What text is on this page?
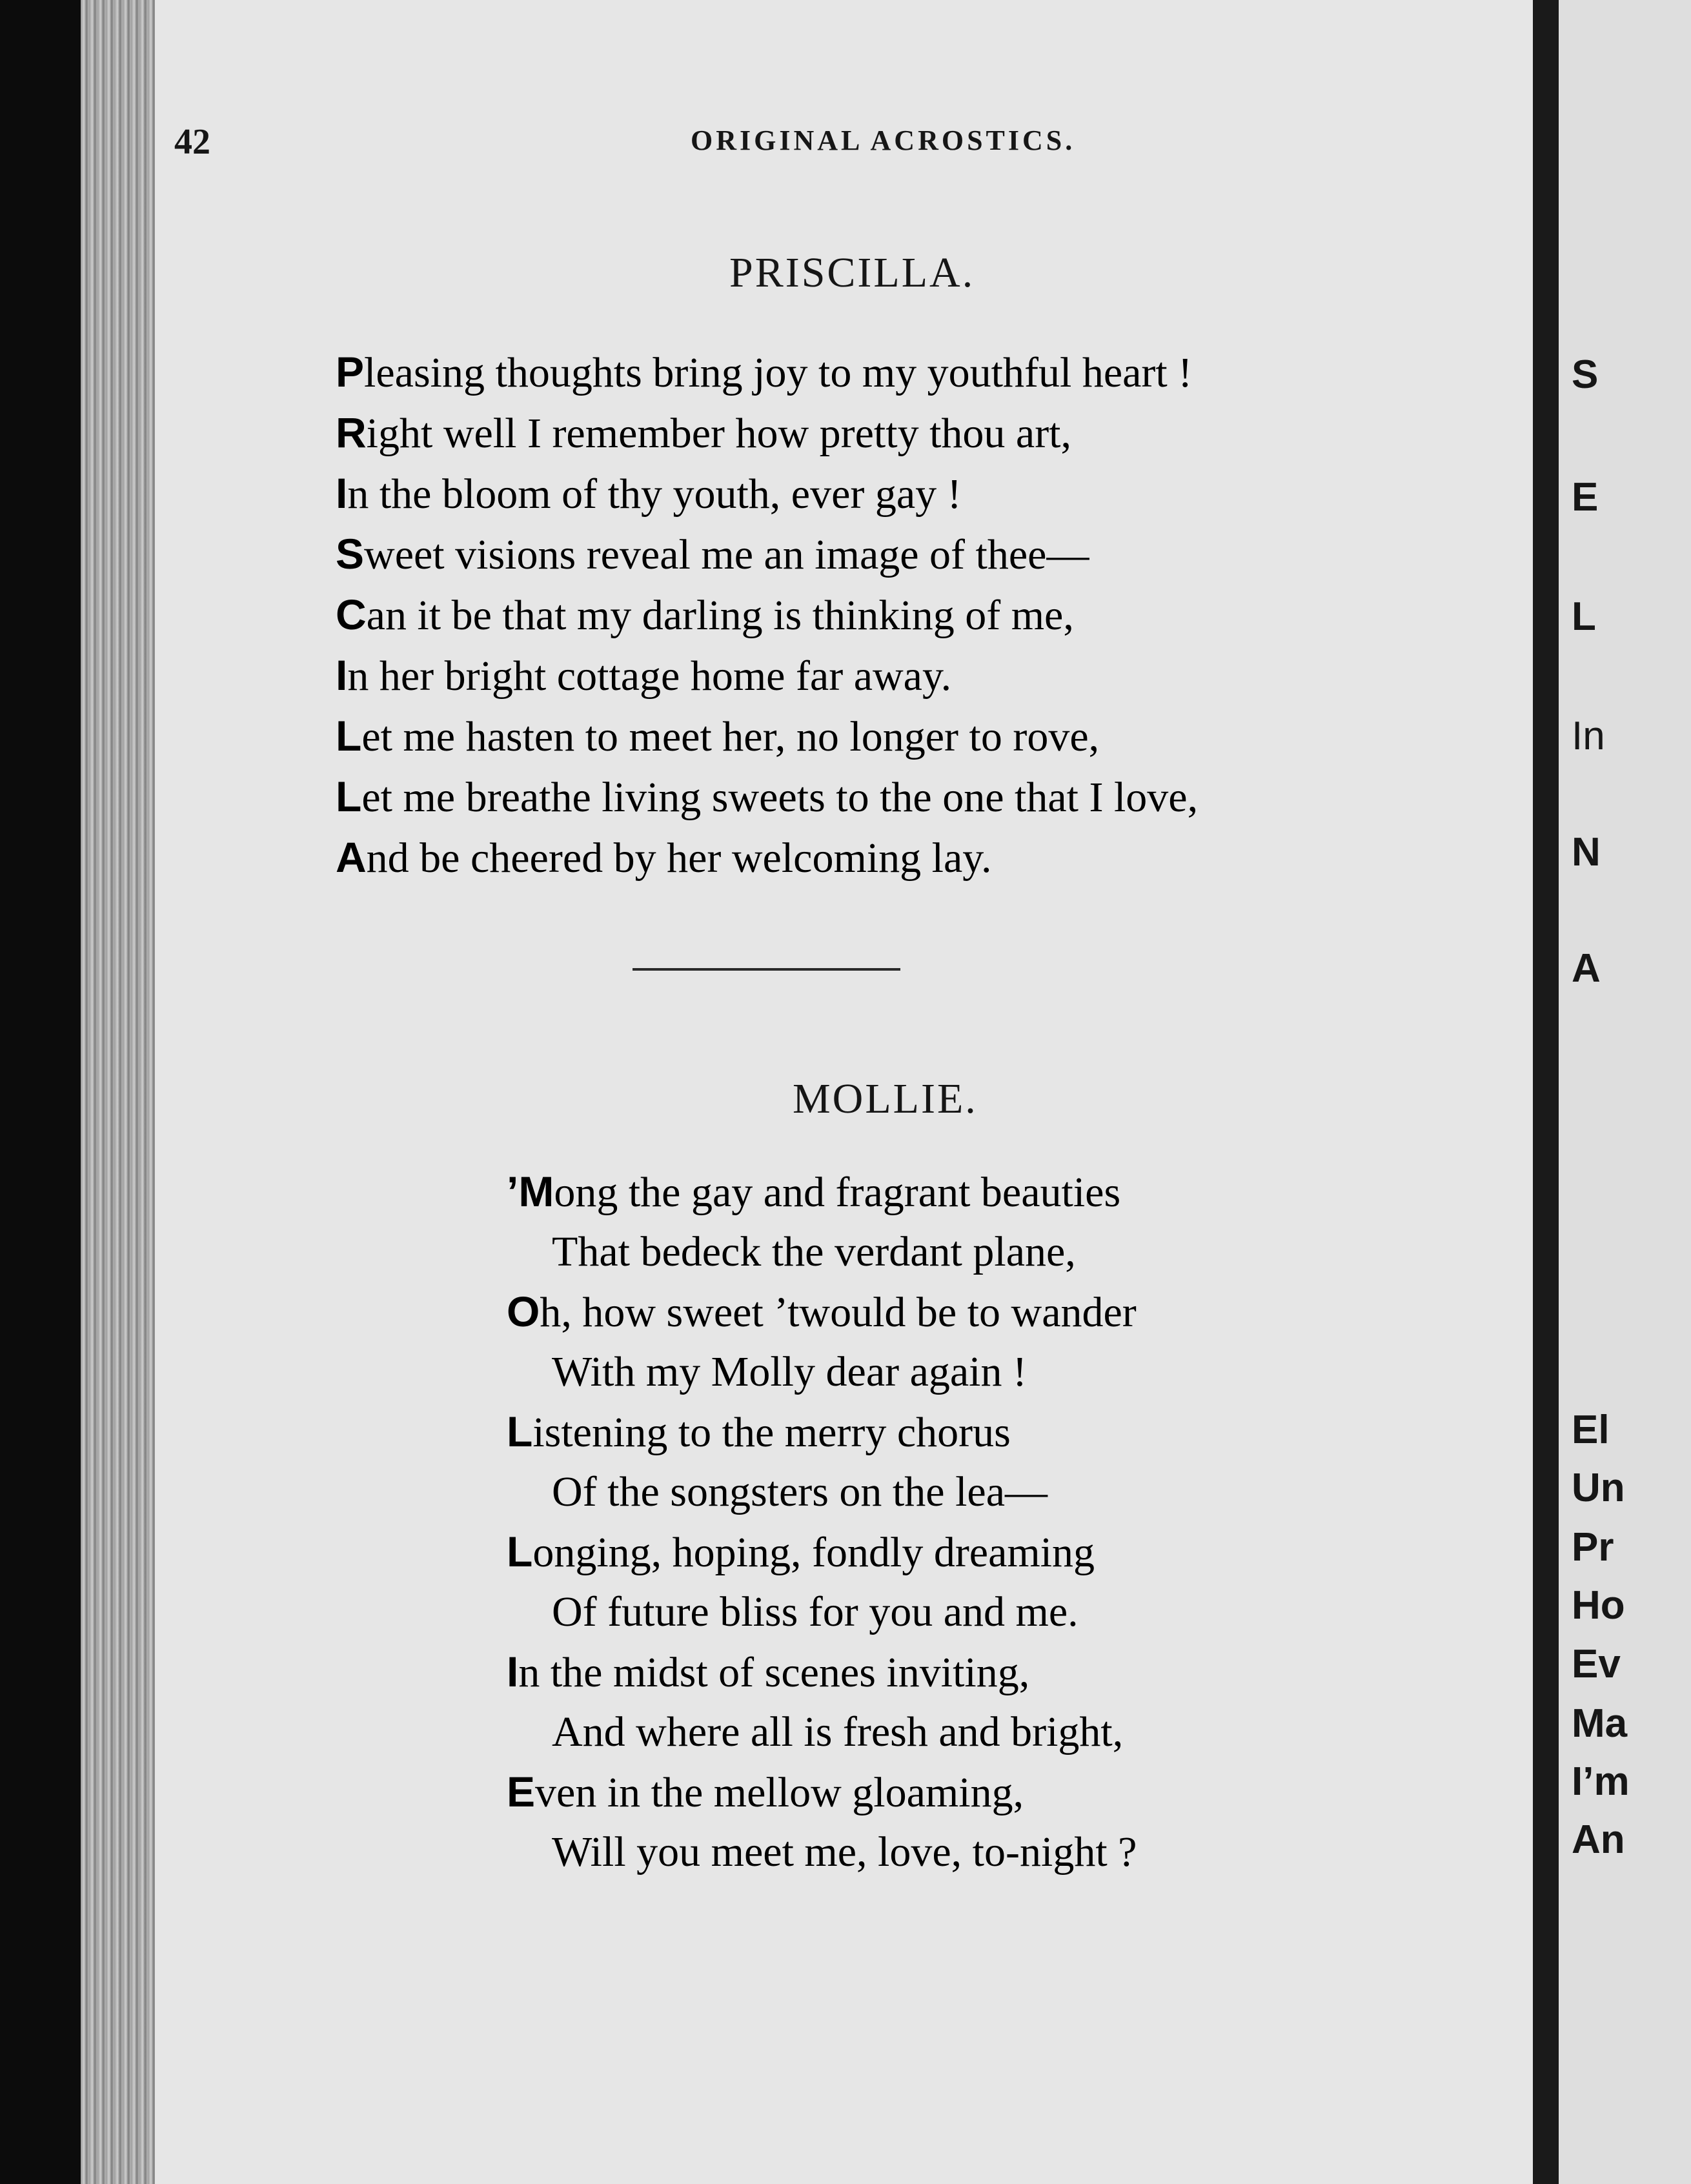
42	ORIGINAL ACROSTICS.
PRISCILLA.

Pleasing thoughts bring joy to my youthful heart !

Right well I remember how pretty thou art,

In the bloom of thy youth, ever gay !

Sweet visions reveal me an image of thee—

Can it be that my darling is thinking of me,

In her bright cottage home far away.

Let me hasten to meet her, no longer to rove,

Let me breathe living sweets to the one that I love,

And be cheered by her welcoming lay.

MOLLIE.

’Mong the gay and fragrant beauties

That bedeck the verdant plane,

Oh, how sweet ’twould be to wander

With my Molly dear again !

Listening to the merry chorus

Of the songsters on the lea—

Longing, hoping, fondly dreaming

Of future bliss for you and me.

In the midst of scenes inviting,

And where all is fresh and bright,

Even in the mellow gloaming,

Will you meet me, love, to-night ?

S
E
L
In
N
A
El
Un
Pr
Ho
Ev
Ma
I’m
An
